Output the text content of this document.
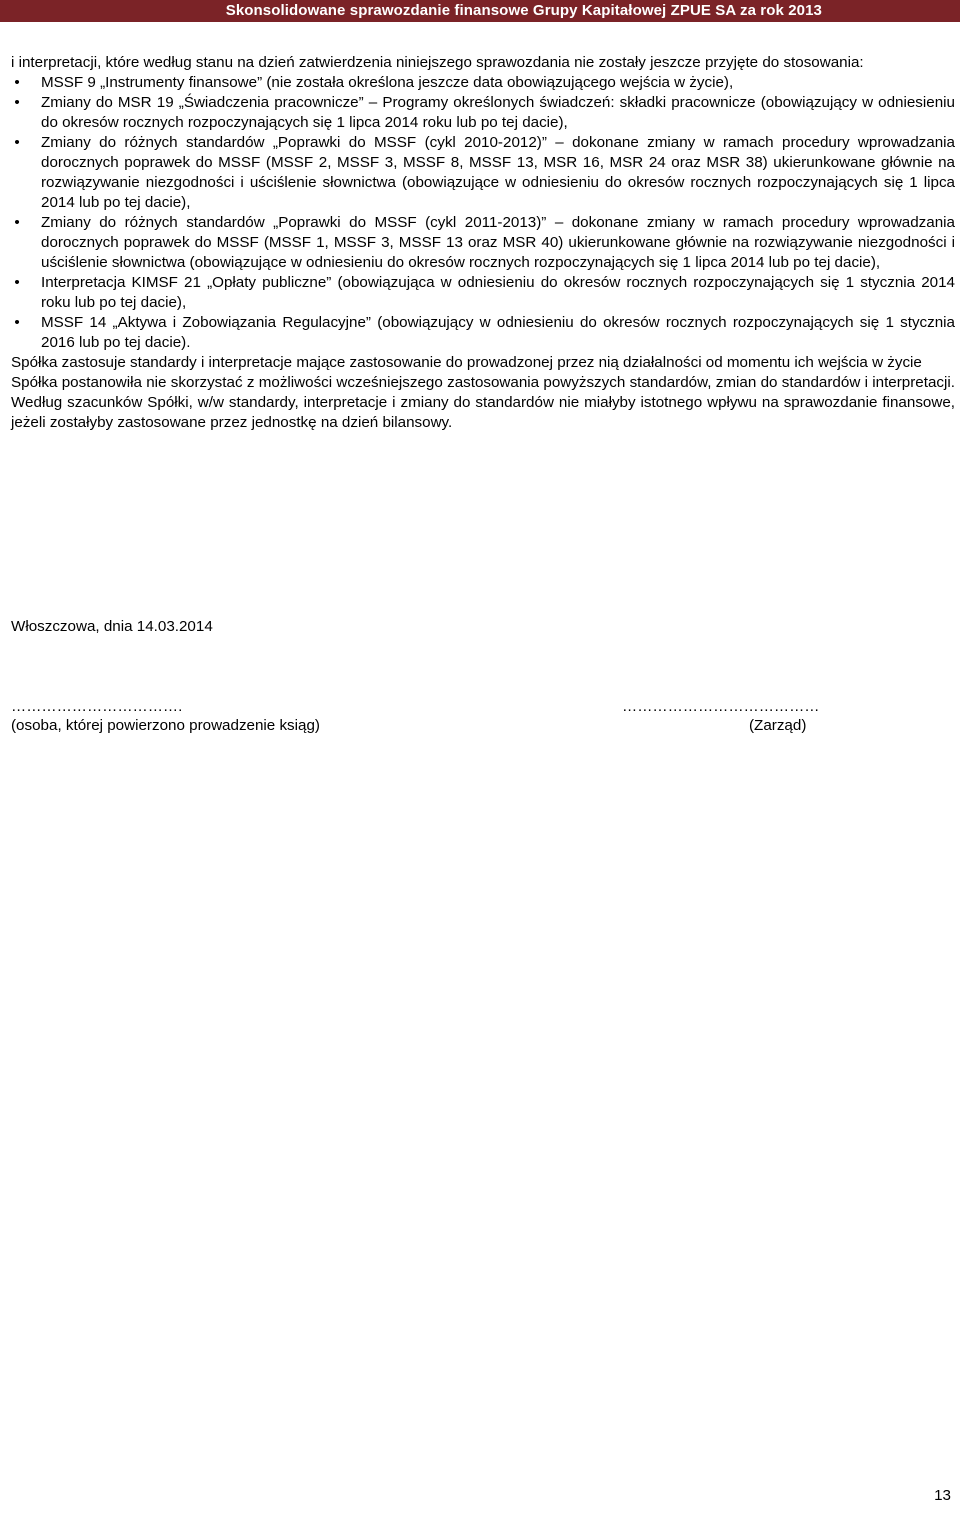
Skonsolidowane sprawozdanie finansowe Grupy Kapitałowej ZPUE SA za rok 2013

i interpretacji, które według stanu na dzień zatwierdzenia niniejszego sprawozdania nie zostały jeszcze przyjęte do stosowania:

•
MSSF 9 „Instrumenty finansowe” (nie została określona jeszcze data obowiązującego wejścia w życie),
•
Zmiany do MSR 19 „Świadczenia pracownicze” – Programy określonych świadczeń: składki pracownicze (obowiązujący w odniesieniu do okresów rocznych rozpoczynających się 1 lipca 2014 roku lub po tej dacie),
•
Zmiany do różnych standardów „Poprawki do MSSF (cykl 2010-2012)” – dokonane zmiany w ramach procedury wprowadzania dorocznych poprawek do MSSF (MSSF 2, MSSF 3, MSSF 8, MSSF 13, MSR 16, MSR 24 oraz MSR 38) ukierunkowane głównie na rozwiązywanie niezgodności i uściślenie słownictwa (obowiązujące w odniesieniu do okresów rocznych rozpoczynających się 1 lipca 2014 lub po tej dacie),
•
Zmiany do różnych standardów „Poprawki do MSSF (cykl 2011-2013)” – dokonane zmiany w ramach procedury wprowadzania dorocznych poprawek do MSSF (MSSF 1, MSSF 3, MSSF 13 oraz MSR 40) ukierunkowane głównie na rozwiązywanie niezgodności i uściślenie słownictwa (obowiązujące w odniesieniu do okresów rocznych rozpoczynających się 1 lipca 2014 lub po tej dacie),
•
Interpretacja KIMSF 21 „Opłaty publiczne” (obowiązująca w odniesieniu do okresów rocznych rozpoczynających się 1 stycznia 2014 roku lub po tej dacie),
•
MSSF 14 „Aktywa i Zobowiązania Regulacyjne” (obowiązujący w odniesieniu do okresów rocznych rozpoczynających się 1 stycznia 2016 lub po tej dacie).

Spółka zastosuje standardy i interpretacje mające zastosowanie do prowadzonej przez nią działalności od momentu ich wejścia w życie

Spółka postanowiła nie skorzystać z możliwości wcześniejszego zastosowania powyższych standardów, zmian do standardów i interpretacji. Według szacunków Spółki, w/w standardy, interpretacje i zmiany do standardów nie miałyby istotnego wpływu na sprawozdanie finansowe, jeżeli zostałyby zastosowane przez jednostkę na dzień bilansowy.

Włoszczowa, dnia 14.03.2014
…………………………….
(osoba, której powierzono prowadzenie ksiąg)
…………………………………
(Zarząd)
13
